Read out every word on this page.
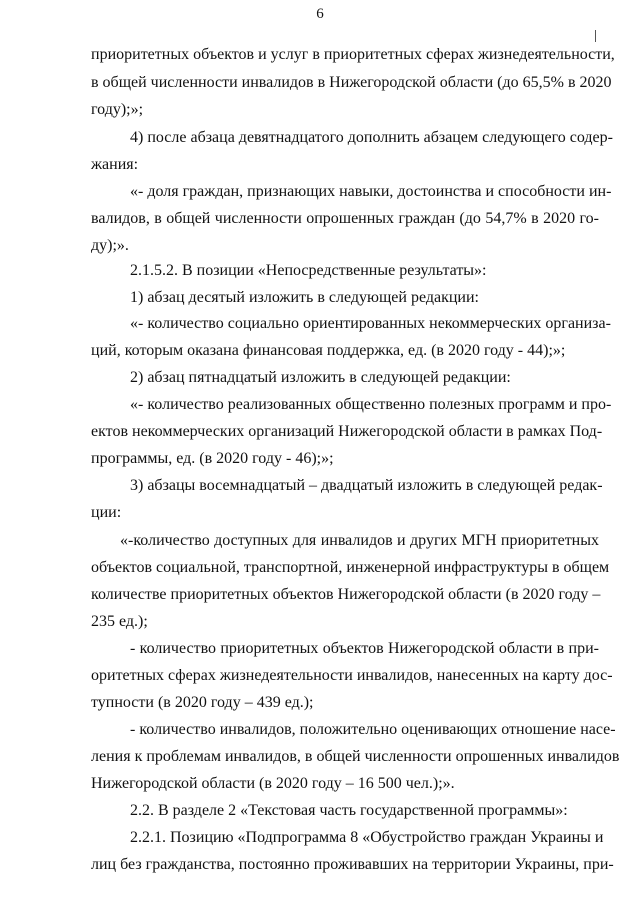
6
приоритетных объектов и услуг в приоритетных сферах жизнедеятельности,
в общей численности инвалидов в Нижегородской области (до 65,5% в 2020
году);»;
4) после абзаца девятнадцатого дополнить абзацем следующего содер-
жания:
«- доля граждан, признающих навыки, достоинства и способности ин-
валидов, в общей численности опрошенных граждан (до 54,7% в 2020 го-
ду);».
2.1.5.2. В позиции «Непосредственные результаты»:
1) абзац десятый изложить в следующей редакции:
«- количество социально ориентированных некоммерческих организа-
ций, которым оказана финансовая поддержка, ед. (в 2020 году - 44);»;
2) абзац пятнадцатый изложить в следующей редакции:
«- количество реализованных общественно полезных программ и про-
ектов некоммерческих организаций Нижегородской области в рамках Под-
программы, ед. (в 2020 году - 46);»;
3) абзацы восемнадцатый – двадцатый изложить в следующей редак-
ции:
«-количество доступных для инвалидов и других МГН приоритетных
объектов социальной, транспортной, инженерной инфраструктуры в общем
количестве приоритетных объектов Нижегородской области (в 2020 году –
235 ед.);
- количество приоритетных объектов Нижегородской области в при-
оритетных сферах жизнедеятельности инвалидов, нанесенных на карту дос-
тупности (в 2020 году – 439 ед.);
- количество инвалидов, положительно оценивающих отношение насе-
ления к проблемам инвалидов, в общей численности опрошенных инвалидов
Нижегородской области (в 2020 году – 16 500 чел.);».
2.2. В разделе 2 «Текстовая часть государственной программы»:
2.2.1. Позицию «Подпрограмма 8 «Обустройство граждан Украины и
лиц без гражданства, постоянно проживавших на территории Украины, при-
